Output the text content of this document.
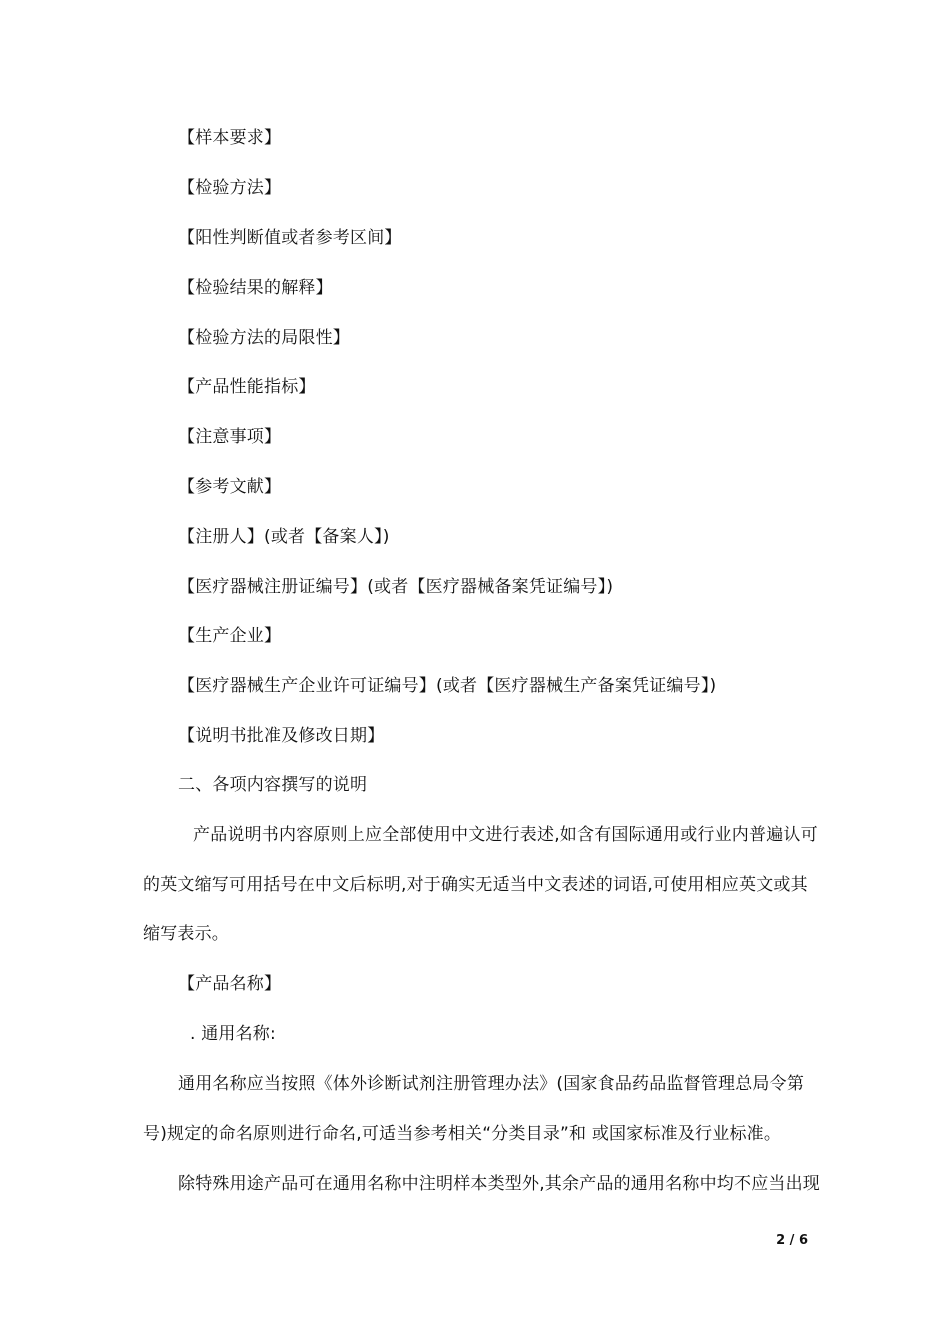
【样本要求】
【检验方法】
【阳性判断值或者参考区间】
【检验结果的解释】
【检验方法的局限性】
【产品性能指标】
【注意事项】
【参考文献】
【注册人】(或者【备案人】)
【医疗器械注册证编号】(或者【医疗器械备案凭证编号】)
【生产企业】
【医疗器械生产企业许可证编号】(或者【医疗器械生产备案凭证编号】)
【说明书批准及修改日期】
二、各项内容撰写的说明
产品说明书内容原则上应全部使用中文进行表述,如含有国际通用或行业内普遍认可
的英文缩写可用括号在中文后标明,对于确实无适当中文表述的词语,可使用相应英文或其
缩写表示。
【产品名称】
. 通用名称:
通用名称应当按照《体外诊断试剂注册管理办法》(国家食品药品监督管理总局令第
号)规定的命名原则进行命名,可适当参考相关“分类目录”和 或国家标准及行业标准。
除特殊用途产品可在通用名称中注明样本类型外,其余产品的通用名称中均不应当出现
2 / 6
